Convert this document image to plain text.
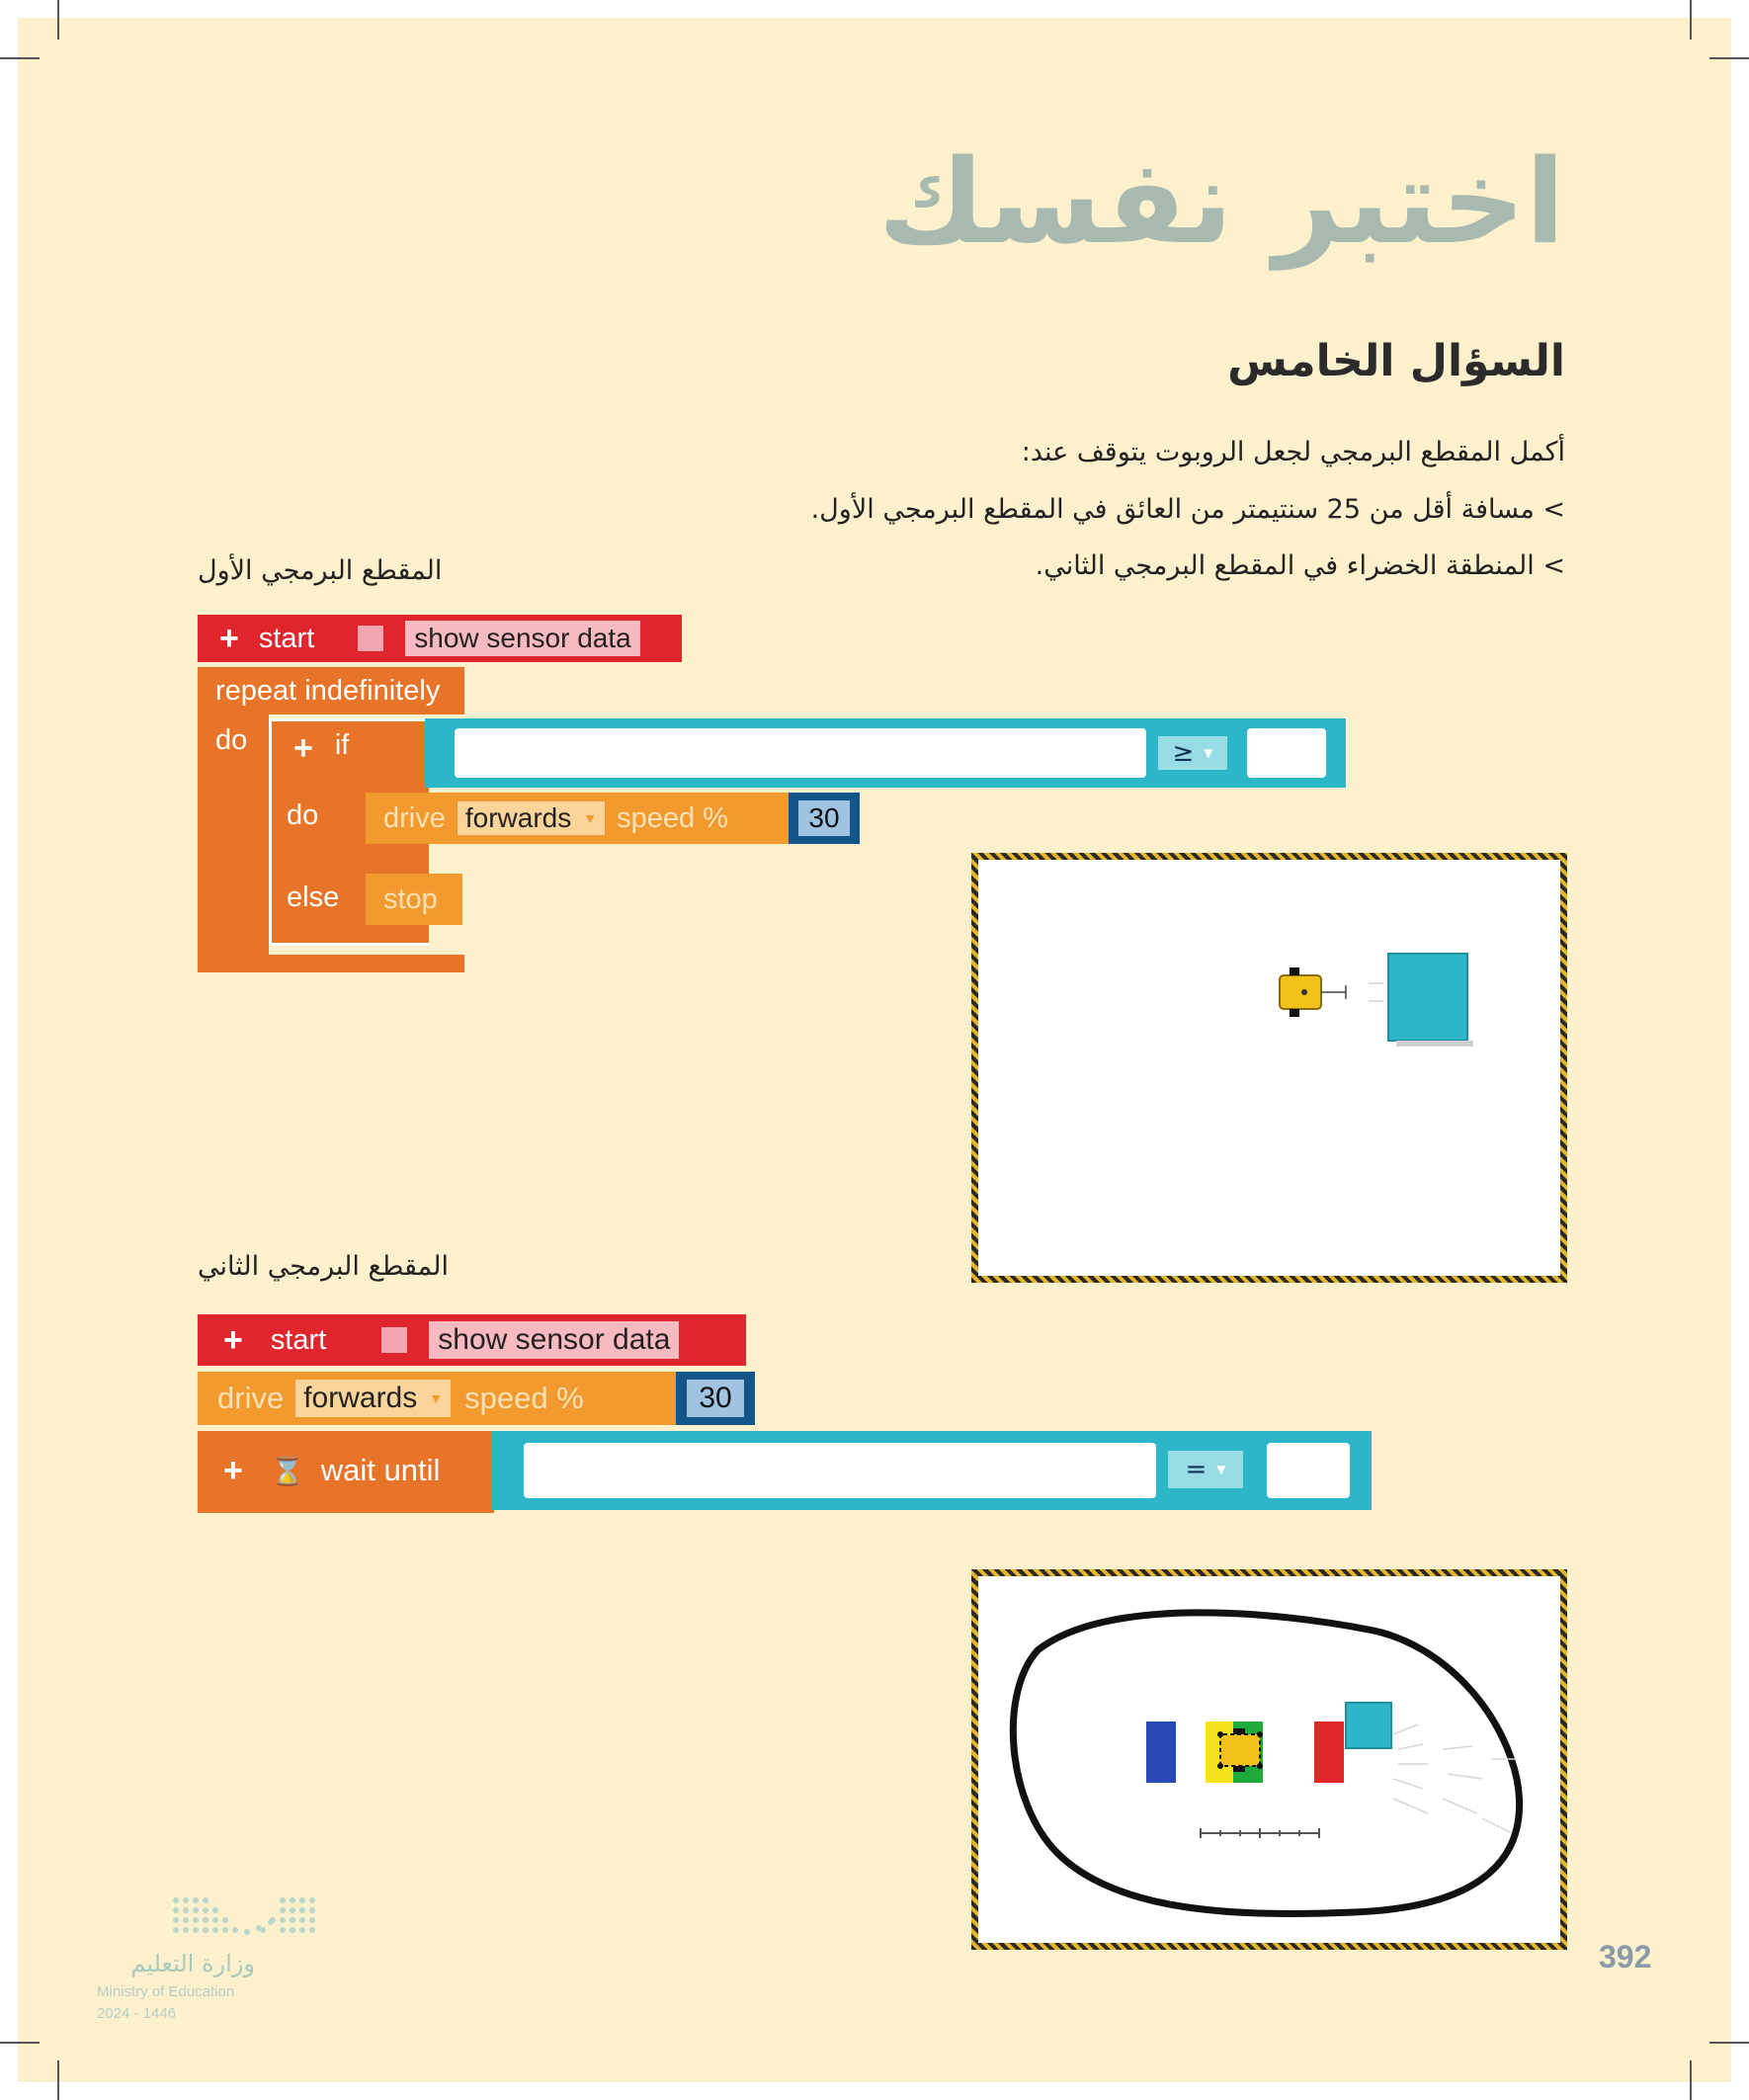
اختبر نفسك
السؤال الخامس
أكمل المقطع البرمجي لجعل الروبوت يتوقف عند:
> مسافة أقل من 25 سنتيمتر من العائق في المقطع البرمجي الأول.
> المنطقة الخضراء في المقطع البرمجي الثاني.
المقطع البرمجي الأول
المقطع البرمجي الثاني
+ start	show sensor data
repeat indefinitely
do + if
do
else
≥ ▼
drive forwards ▼ speed %	30
stop
+ start	show sensor data
drive forwards ▼ speed %	30
+ ⌛ wait until	= ▼
وزارة التعليم
Ministry of Education
2024 - 1446
392
